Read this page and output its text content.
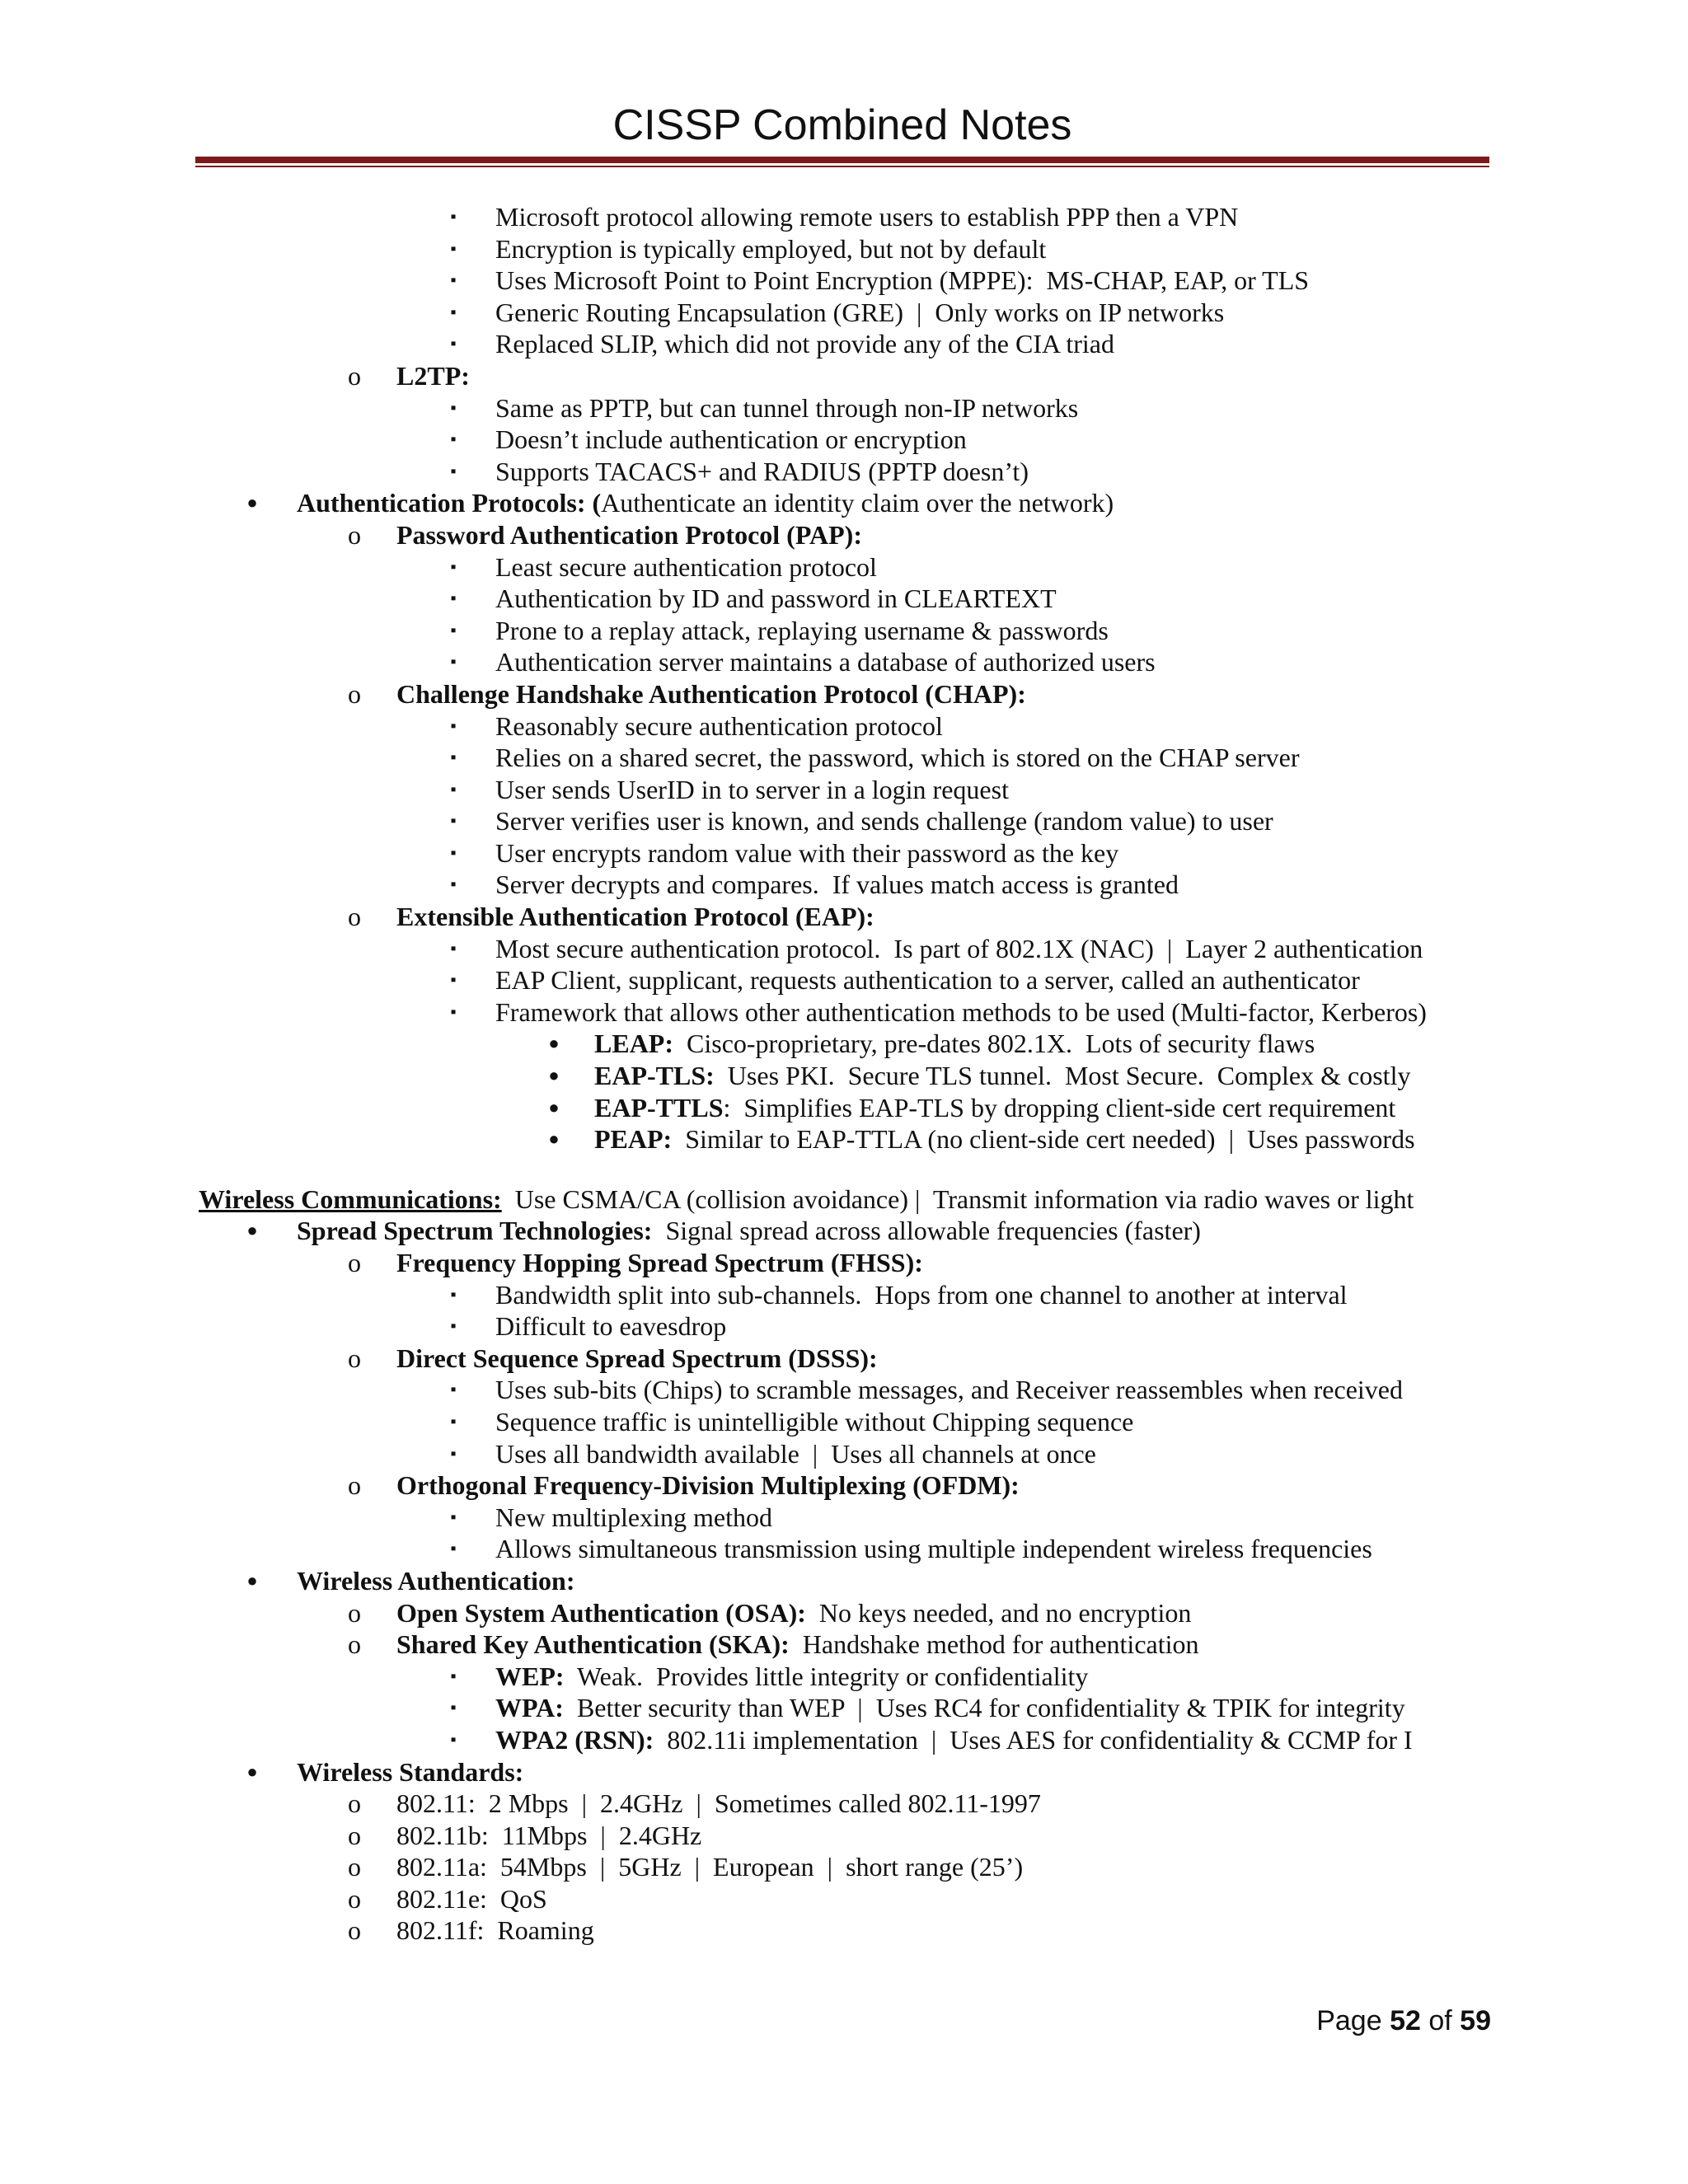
CISSP Combined Notes
▪	Microsoft protocol allowing remote users to establish PPP then a VPN
▪	Encryption is typically employed, but not by default
▪	Uses Microsoft Point to Point Encryption (MPPE):  MS-CHAP, EAP, or TLS
▪	Generic Routing Encapsulation (GRE)  |  Only works on IP networks
▪	Replaced SLIP, which did not provide any of the CIA triad
o	L2TP:
▪	Same as PPTP, but can tunnel through non-IP networks
▪	Doesn’t include authentication or encryption
▪	Supports TACACS+ and RADIUS (PPTP doesn’t)
●	Authentication Protocols: (Authenticate an identity claim over the network)
o	Password Authentication Protocol (PAP):
▪	Least secure authentication protocol
▪	Authentication by ID and password in CLEARTEXT
▪	Prone to a replay attack, replaying username & passwords
▪	Authentication server maintains a database of authorized users
o	Challenge Handshake Authentication Protocol (CHAP):
▪	Reasonably secure authentication protocol
▪	Relies on a shared secret, the password, which is stored on the CHAP server
▪	User sends UserID in to server in a login request
▪	Server verifies user is known, and sends challenge (random value) to user
▪	User encrypts random value with their password as the key
▪	Server decrypts and compares.  If values match access is granted
o	Extensible Authentication Protocol (EAP):
▪	Most secure authentication protocol.  Is part of 802.1X (NAC)  |  Layer 2 authentication
▪	EAP Client, supplicant, requests authentication to a server, called an authenticator
▪	Framework that allows other authentication methods to be used (Multi-factor, Kerberos)
●	LEAP:  Cisco-proprietary, pre-dates 802.1X.  Lots of security flaws
●	EAP-TLS:  Uses PKI.  Secure TLS tunnel.  Most Secure.  Complex & costly
●	EAP-TTLS:  Simplifies EAP-TLS by dropping client-side cert requirement
●	PEAP:  Similar to EAP-TTLA (no client-side cert needed)  |  Uses passwords
Wireless Communications:  Use CSMA/CA (collision avoidance) |  Transmit information via radio waves or light
●	Spread Spectrum Technologies:  Signal spread across allowable frequencies (faster)
o	Frequency Hopping Spread Spectrum (FHSS):
▪	Bandwidth split into sub-channels.  Hops from one channel to another at interval
▪	Difficult to eavesdrop
o	Direct Sequence Spread Spectrum (DSSS):
▪	Uses sub-bits (Chips) to scramble messages, and Receiver reassembles when received
▪	Sequence traffic is unintelligible without Chipping sequence
▪	Uses all bandwidth available  |  Uses all channels at once
o	Orthogonal Frequency-Division Multiplexing (OFDM):
▪	New multiplexing method
▪	Allows simultaneous transmission using multiple independent wireless frequencies
●	Wireless Authentication:
o	Open System Authentication (OSA):  No keys needed, and no encryption
o	Shared Key Authentication (SKA):  Handshake method for authentication
▪	WEP:  Weak.  Provides little integrity or confidentiality
▪	WPA:  Better security than WEP  |  Uses RC4 for confidentiality & TPIK for integrity
▪	WPA2 (RSN):  802.11i implementation  |  Uses AES for confidentiality & CCMP for I
●	Wireless Standards:
o	802.11:  2 Mbps  |  2.4GHz  |  Sometimes called 802.11-1997
o	802.11b:  11Mbps  |  2.4GHz
o	802.11a:  54Mbps  |  5GHz  |  European  |  short range (25’)
o	802.11e:  QoS
o	802.11f:  Roaming
Page 52 of 59
